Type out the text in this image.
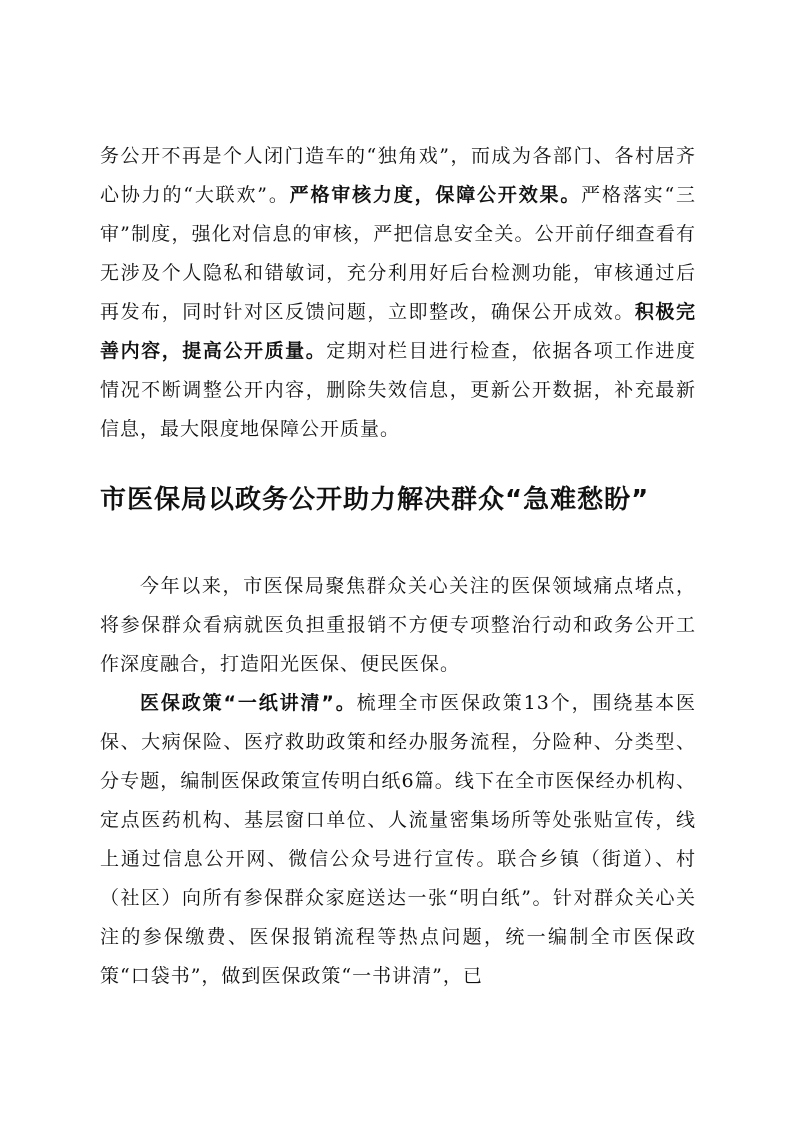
务公开不再是个人闭门造车的“独角戏”，而成为各部门、各村居齐心协力的“大联欢”。严格审核力度，保障公开效果。严格落实“三审”制度，强化对信息的审核，严把信息安全关。公开前仔细查看有无涉及个人隐私和错敏词，充分利用好后台检测功能，审核通过后再发布，同时针对区反馈问题，立即整改，确保公开成效。积极完善内容，提高公开质量。定期对栏目进行检查，依据各项工作进度情况不断调整公开内容，删除失效信息，更新公开数据，补充最新信息，最大限度地保障公开质量。

市医保局以政务公开助力解决群众“急难愁盼”

今年以来，市医保局聚焦群众关心关注的医保领域痛点堵点，将参保群众看病就医负担重报销不方便专项整治行动和政务公开工作深度融合，打造阳光医保、便民医保。

医保政策“一纸讲清”。梳理全市医保政策13个，围绕基本医保、大病保险、医疗救助政策和经办服务流程，分险种、分类型、分专题，编制医保政策宣传明白纸6篇。线下在全市医保经办机构、定点医药机构、基层窗口单位、人流量密集场所等处张贴宣传，线上通过信息公开网、微信公众号进行宣传。联合乡镇（街道）、村（社区）向所有参保群众家庭送达一张“明白纸”。针对群众关心关注的参保缴费、医保报销流程等热点问题，统一编制全市医保政策“口袋书”，做到医保政策“一书讲清”，已
